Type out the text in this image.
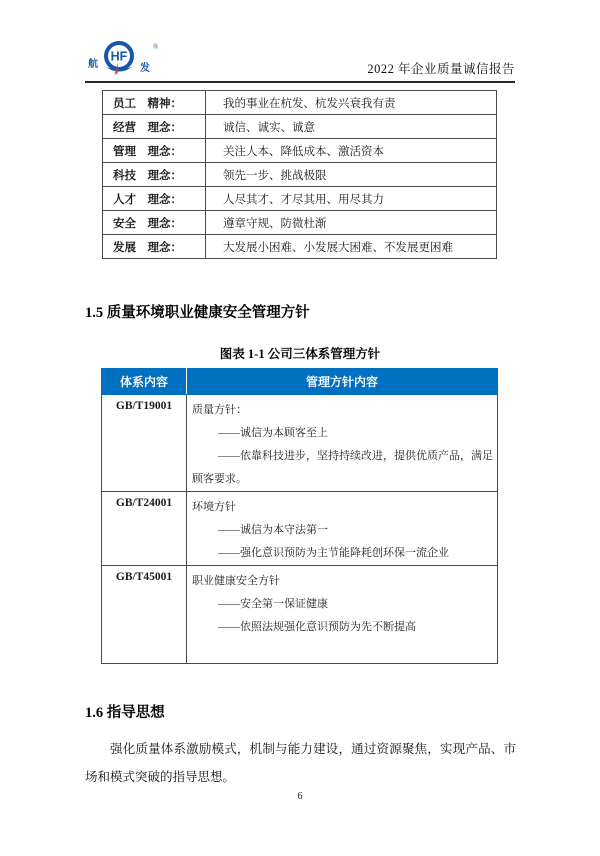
航
HF
发
®
2022 年企业质量诚信报告
员工　精神：	我的事业在杭发、杭发兴衰我有责
经营　理念：	诚信、诚实、诚意
管理　理念：	关注人本、降低成本、激活资本
科技　理念：	领先一步、挑战极限
人才　理念：	人尽其才、才尽其用、用尽其力
安全　理念：	遵章守规、防微杜渐
发展　理念：	大发展小困难、小发展大困难、不发展更困难
1.5 质量环境职业健康安全管理方针
图表 1-1 公司三体系管理方针
体系内容	管理方针内容
GB/T19001	质量方针：

——诚信为本顾客至上

——依靠科技进步，坚持持续改进，提供优质产品，满足顾客要求。

GB/T24001	环境方针

——诚信为本守法第一

——强化意识预防为主节能降耗创环保一流企业

GB/T45001	职业健康安全方针

——安全第一保证健康

——依照法规强化意识预防为先不断提高

1.6 指导思想
强化质量体系激励模式，机制与能力建设，通过资源聚焦，实现产品、市场和模式突破的指导思想。
6
